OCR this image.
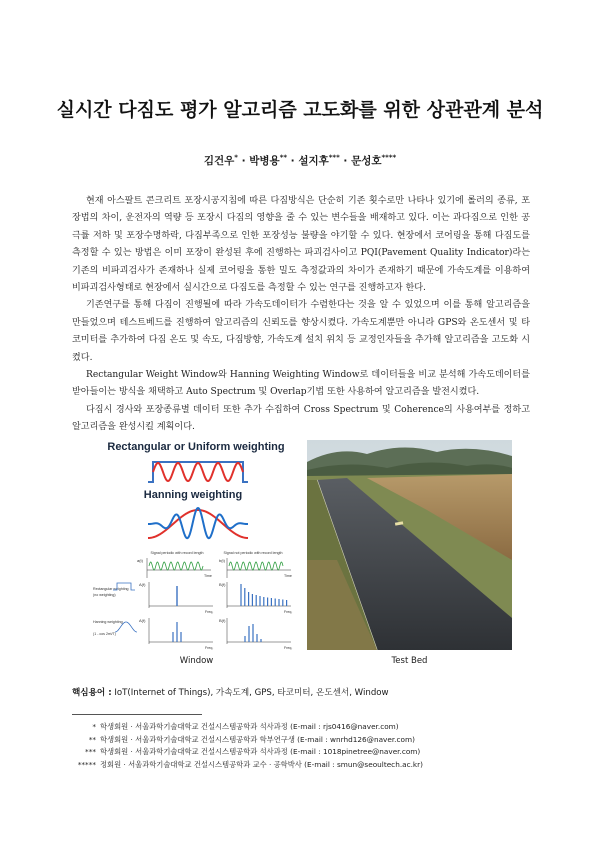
실시간 다짐도 평가 알고리즘 고도화를 위한 상관관계 분석
김건우* · 박병용** · 설지후*** · 문성호****

현재 아스팔트 콘크리트 포장시공지침에 따른 다짐방식은 단순히 기존 횟수로만 나타나 있기에 롤러의 종류, 포장법의 차이, 운전자의 역량 등 포장시 다짐의 영향을 줄 수 있는 변수들을 배재하고 있다. 이는 과다짐으로 인한 공극률 저하 및 포장수명하락, 다짐부족으로 인한 포장성능 불량을 야기할 수 있다. 현장에서 코어링을 통해 다짐도를 측정할 수 있는 방법은 이미 포장이 완성된 후에 진행하는 파괴검사이고 PQI(Pavement Quality Indicator)라는 기존의 비파괴검사가 존재하나 실제 코어링을 통한 밀도 측정값과의 차이가 존재하기 때문에 가속도계를 이용하여 비파괴검사형태로 현장에서 실시간으로 다짐도를 측정할 수 있는 연구를 진행하고자 한다.

기존연구를 통해 다짐이 진행될에 따라 가속도데이터가 수렴한다는 것을 알 수 있었으며 이를 통해 알고리즘을 만들었으며 테스트베드를 진행하여 알고리즘의 신뢰도를 향상시켰다. 가속도계뿐만 아니라 GPS와 온도센서 및 타코미터를 추가하여 다짐 온도 및 속도, 다짐방향, 가속도계 설치 위치 등 교정인자들을 추가해 알고리즘을 고도화 시켰다.

Rectangular Weight Window와 Hanning Weighting Window로 데이터들을 비교 분석해 가속도데이터를 받아들이는 방식을 채택하고 Auto Spectrum 및 Overlap기법 또한 사용하여 알고리즘을 발전시켰다.

다짐시 경사와 포장종류별 데이터 또한 추가 수집하여 Cross Spectrum 및 Coherence의 사용여부를 정하고 알고리즘을 완성시킬 계획이다.

Rectangular or Uniform weighting
Hanning weighting
Signal periodic with record length	Signal not periodic with record length
a(t)
Time
b(t)
Time
Rectangular weighting
(no weighting)
A(f)
Freq.
B(f)
Freq.
Hanning weighting
(1 - cos 2πt/T)
A(f)
Freq.
B(f)
Freq.
Window	Test Bed
핵심용어 : IoT(Internet of Things), 가속도계, GPS, 타코미터, 온도센서, Window
* 학생회원 · 서울과학기술대학교 건설시스템공학과 석사과정 (E-mail : rjs0416@naver.com)
** 학생회원 · 서울과학기술대학교 건설시스템공학과 학부연구생 (E-mail : wnrhd126@naver.com)
*** 학생회원 · 서울과학기술대학교 건설시스템공학과 석사과정 (E-mail : 1018pinetree@naver.com)
***** 정회원 · 서울과학기술대학교 건설시스템공학과 교수 · 공학박사 (E-mail : smun@seoultech.ac.kr)
